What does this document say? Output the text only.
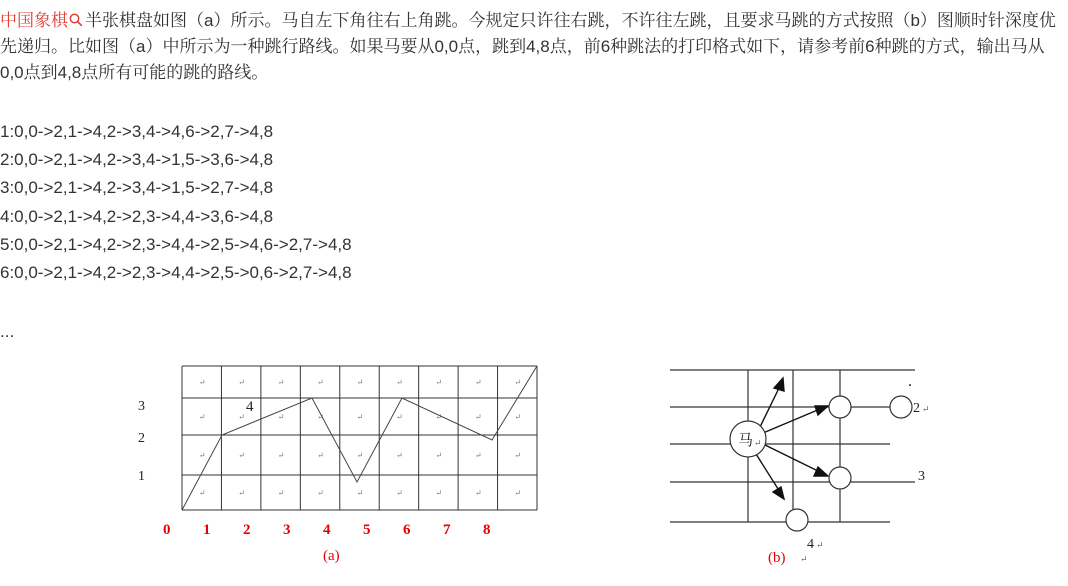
中国象棋 半张棋盘如图（a）所示。马自左下角往右上角跳。今规定只许往右跳，不许往左跳，且要求马跳的方式按照（b）图顺时针深度优先递归。比如图（a）中所示为一种跳行路线。如果马要从0,0点，跳到4,8点，前6种跳法的打印格式如下，请参考前6种跳的方式，输出马从0,0点到4,8点所有可能的跳的路线。

1:0,0->2,1->4,2->3,4->4,6->2,7->4,8
2:0,0->2,1->4,2->3,4->1,5->3,6->4,8
3:0,0->2,1->4,2->3,4->1,5->2,7->4,8
4:0,0->2,1->4,2->2,3->4,4->3,6->4,8
5:0,0->2,1->4,2->2,3->4,4->2,5->4,6->2,7->4,8
6:0,0->2,1->4,2->2,3->4,4->2,5->0,6->2,7->4,8
...
↵	↵	↵	↵	↵	↵	↵	↵	↵
↵	↵	↵	↵	↵	↵	↵	↵	↵
↵	↵	↵	↵	↵	↵	↵	↵	↵
↵	↵	↵	↵	↵	↵	↵	↵	↵
3
2
1
4
0 1 2 3 4 5 6 7 8
(a)
马 ↵
.
2 ↵
3
4 ↵
(b) ↵
